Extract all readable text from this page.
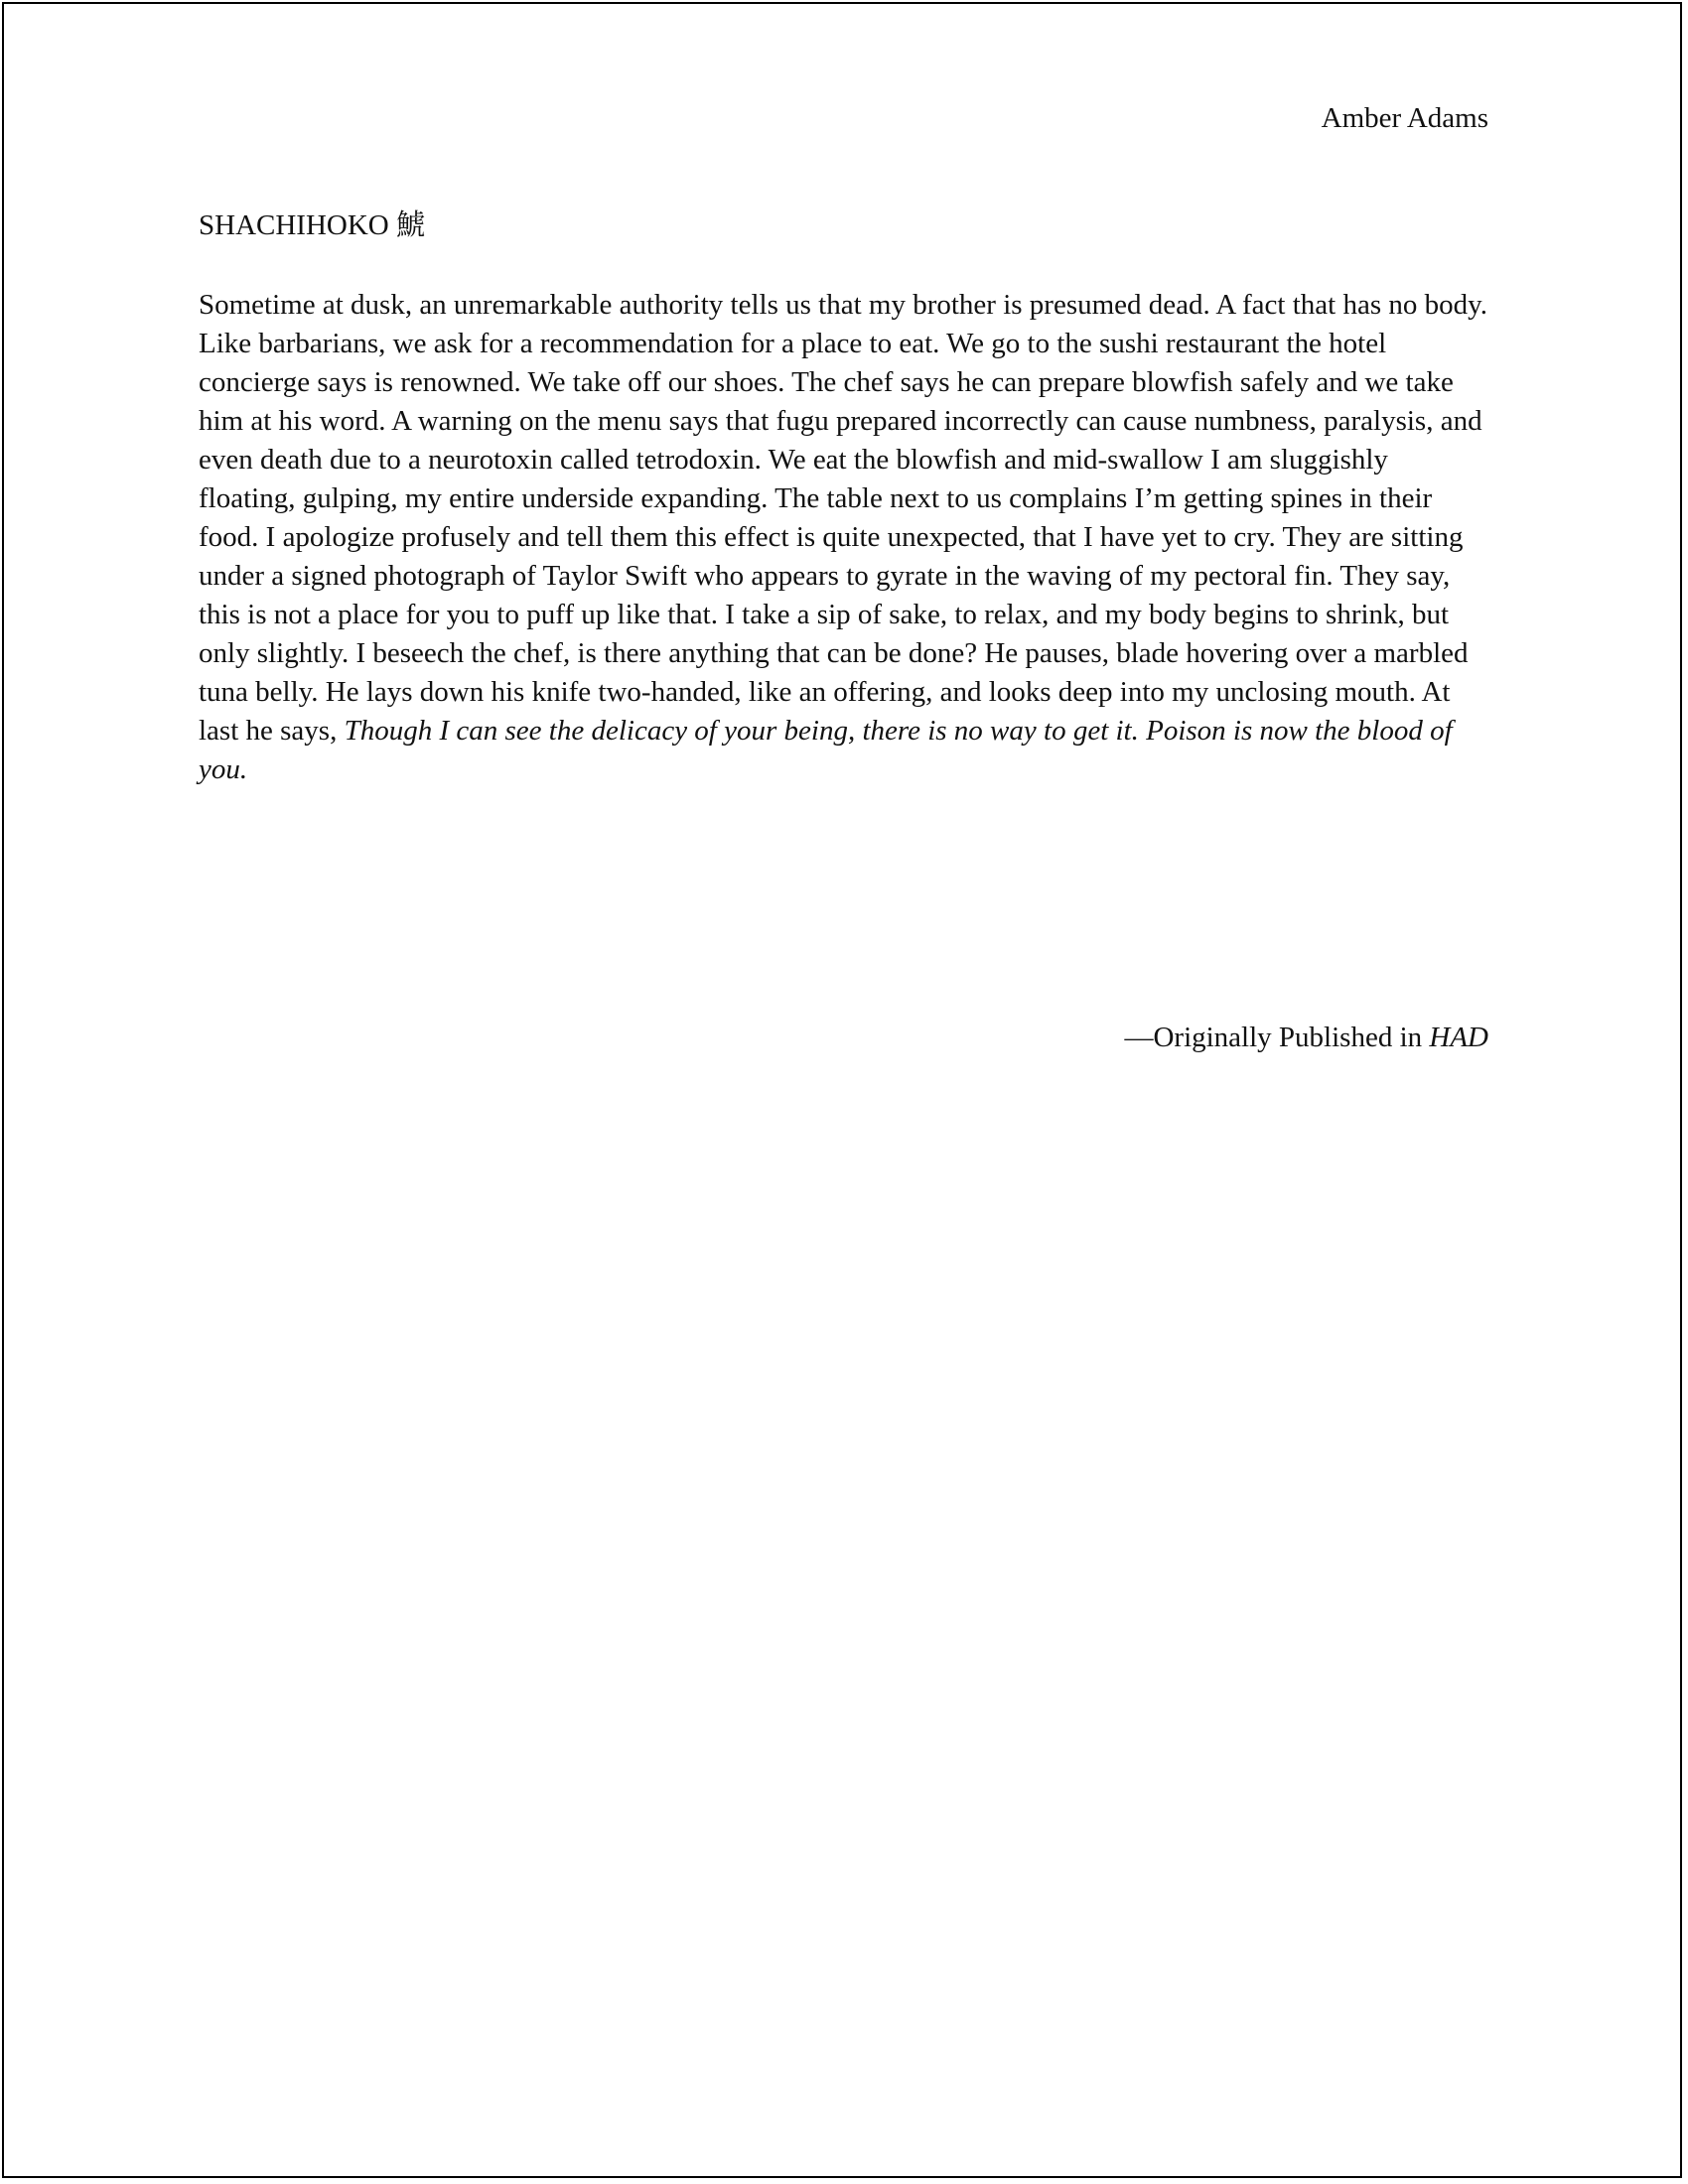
Amber Adams
SHACHIHOKO 鯱

Sometime at dusk, an unremarkable authority tells us that my brother is presumed dead. A fact that has no body. Like barbarians, we ask for a recommendation for a place to eat. We go to the sushi restaurant the hotel concierge says is renowned. We take off our shoes. The chef says he can prepare blowfish safely and we take him at his word. A warning on the menu says that fugu prepared incorrectly can cause numbness, paralysis, and even death due to a neurotoxin called tetrodoxin. We eat the blowfish and mid-swallow I am sluggishly floating, gulping, my entire underside expanding. The table next to us complains I’m getting spines in their food. I apologize profusely and tell them this effect is quite unexpected, that I have yet to cry. They are sitting under a signed photograph of Taylor Swift who appears to gyrate in the waving of my pectoral fin. They say, this is not a place for you to puff up like that. I take a sip of sake, to relax, and my body begins to shrink, but only slightly. I beseech the chef, is there anything that can be done? He pauses, blade hovering over a marbled tuna belly. He lays down his knife two-handed, like an offering, and looks deep into my unclosing mouth. At last he says, Though I can see the delicacy of your being, there is no way to get it. Poison is now the blood of you.

—Originally Published in HAD
